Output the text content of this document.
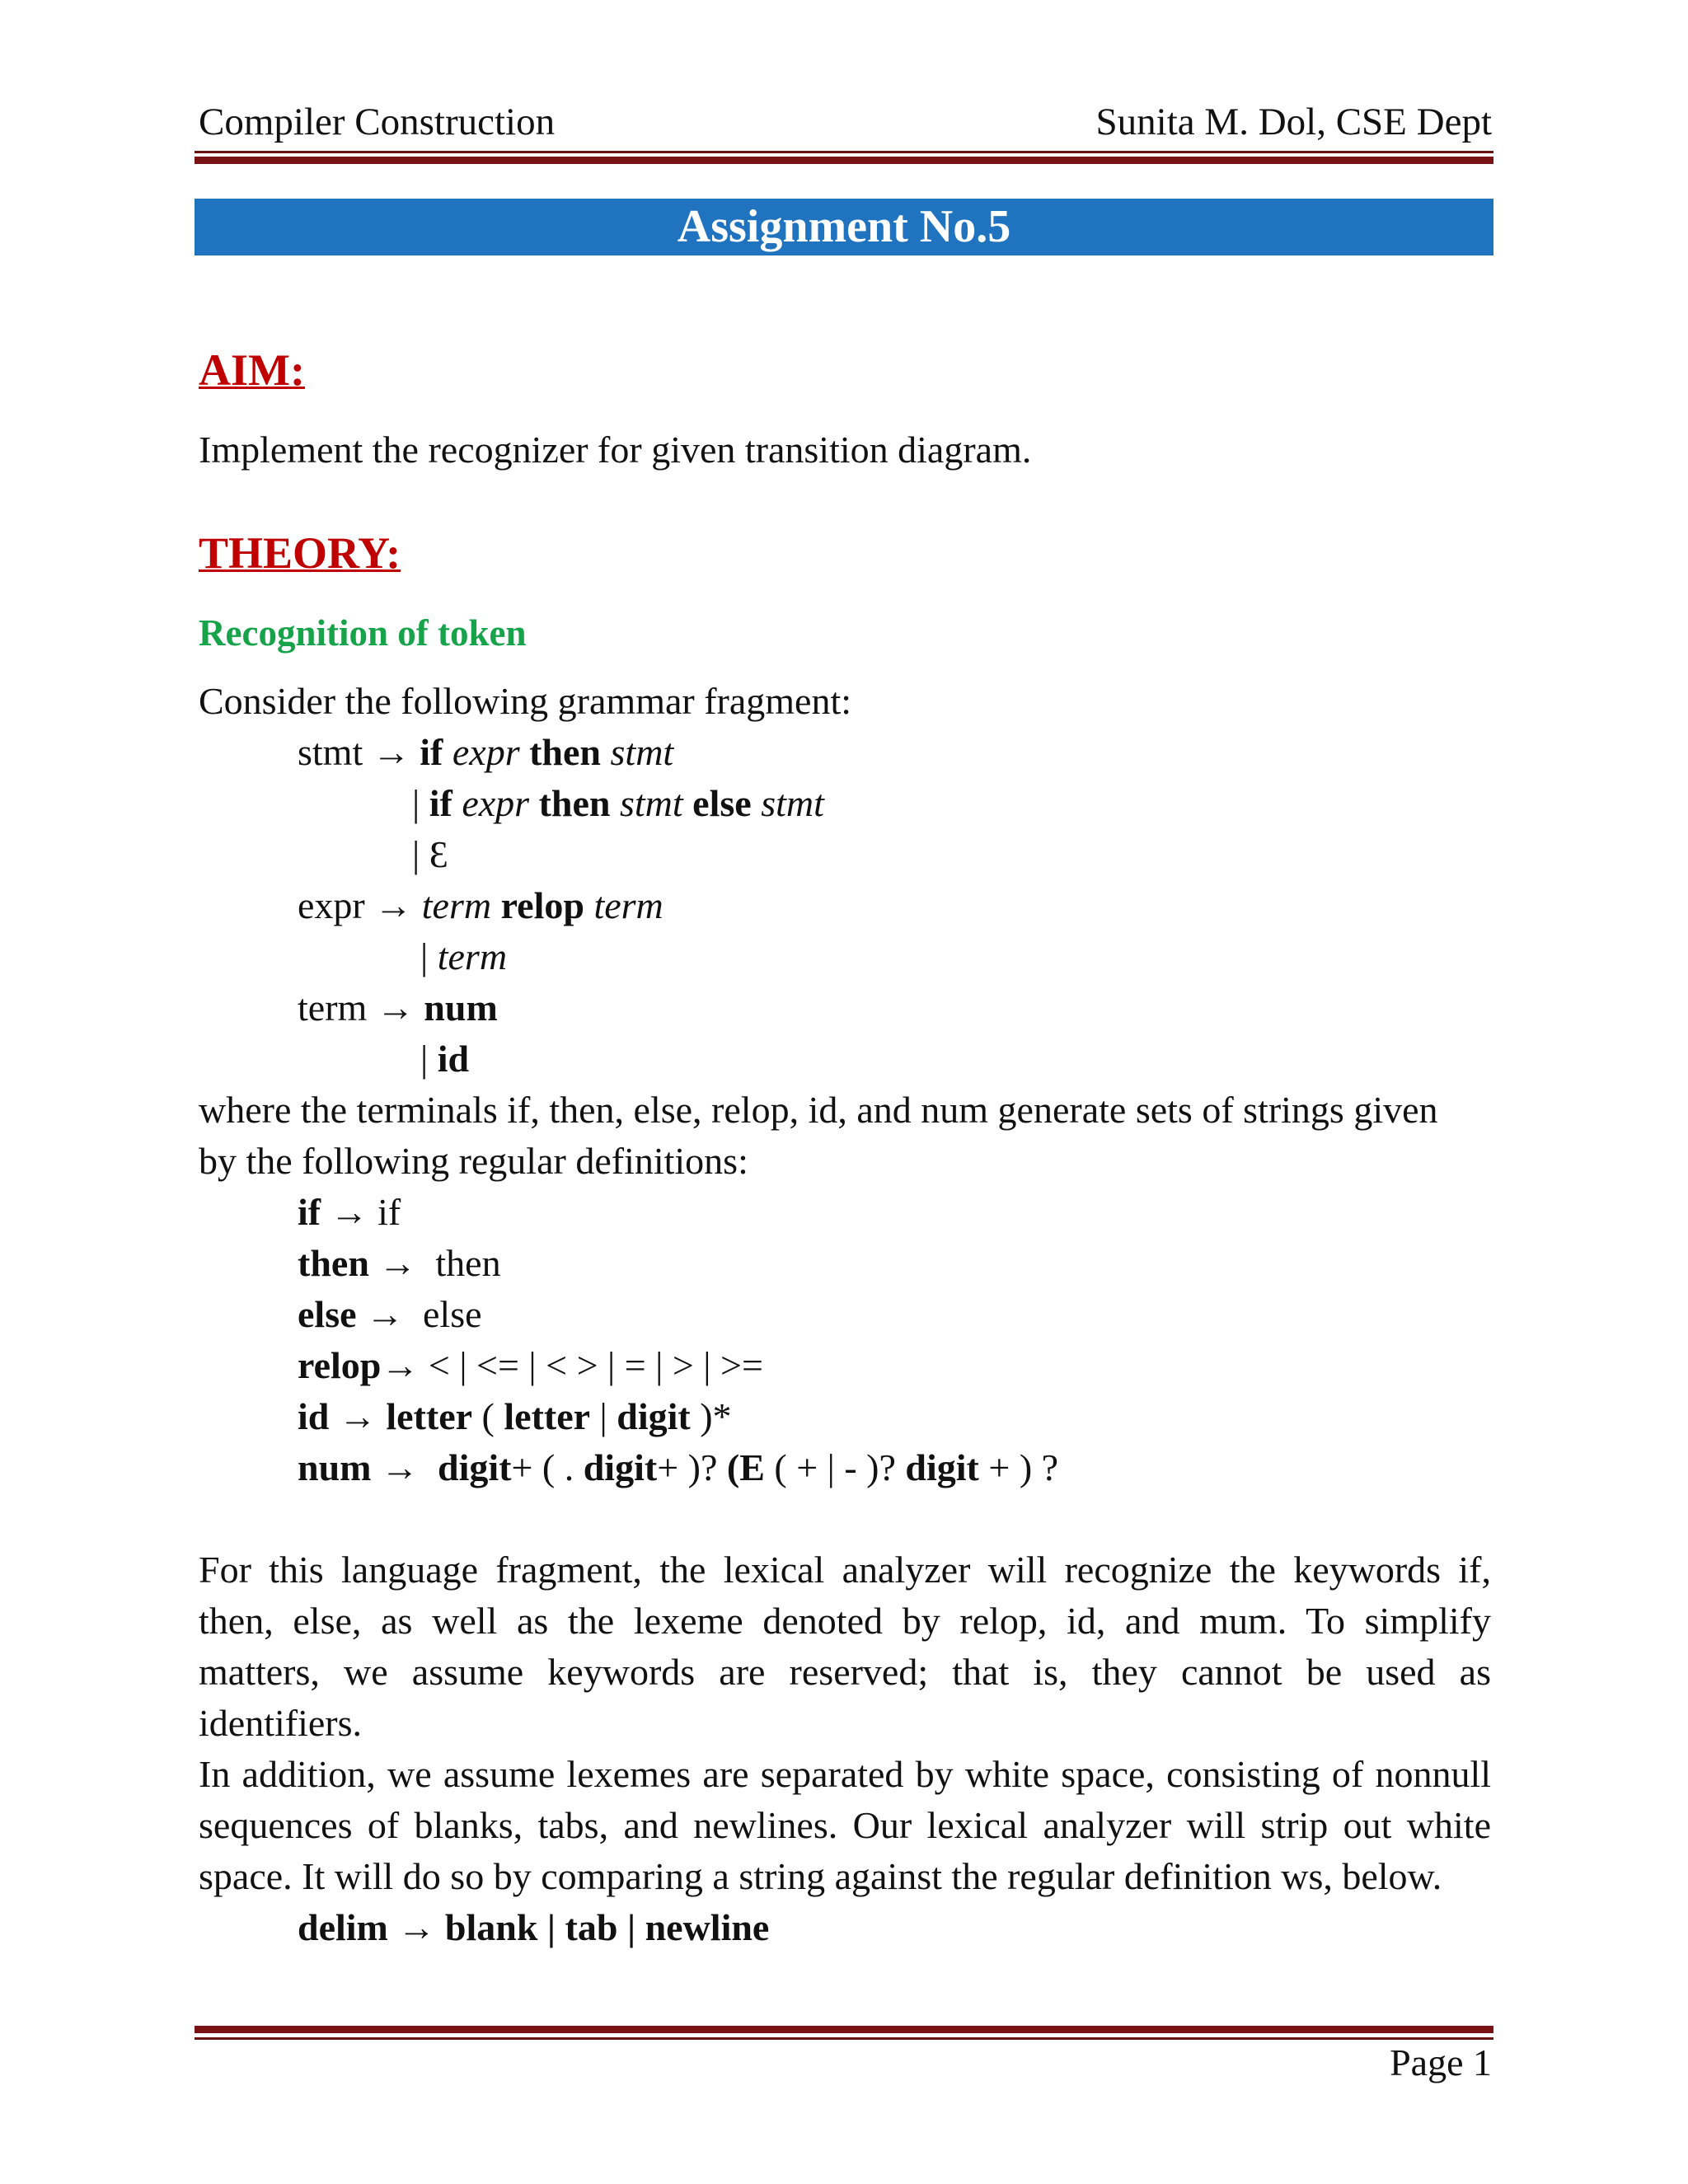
Compiler Construction	Sunita M. Dol, CSE Dept
Assignment No.5
AIM:
Implement the recognizer for given transition diagram.
THEORY:
Recognition of token
Consider the following grammar fragment:
stmt → if expr then stmt
| if expr then stmt else stmt
| Ɛ
expr → term relop term
| term
term → num
| id
where the terminals if, then, else, relop, id, and num generate sets of strings given
by the following regular definitions:
if → if
then →  then
else →  else
relop→ < | <= | < > | = | > | >=
id → letter ( letter | digit )*
num → digit+ ( . digit+ )? (E ( + | - )? digit + ) ?
For this language fragment, the lexical analyzer will recognize the keywords if,
then, else, as well as the lexeme denoted by relop, id, and mum. To simplify
matters, we assume keywords are reserved; that is, they cannot be used as
identifiers.
In addition, we assume lexemes are separated by white space, consisting of nonnull
sequences of blanks, tabs, and newlines. Our lexical analyzer will strip out white
space. It will do so by comparing a string against the regular definition ws, below.
delim → blank | tab | newline
Page 1
